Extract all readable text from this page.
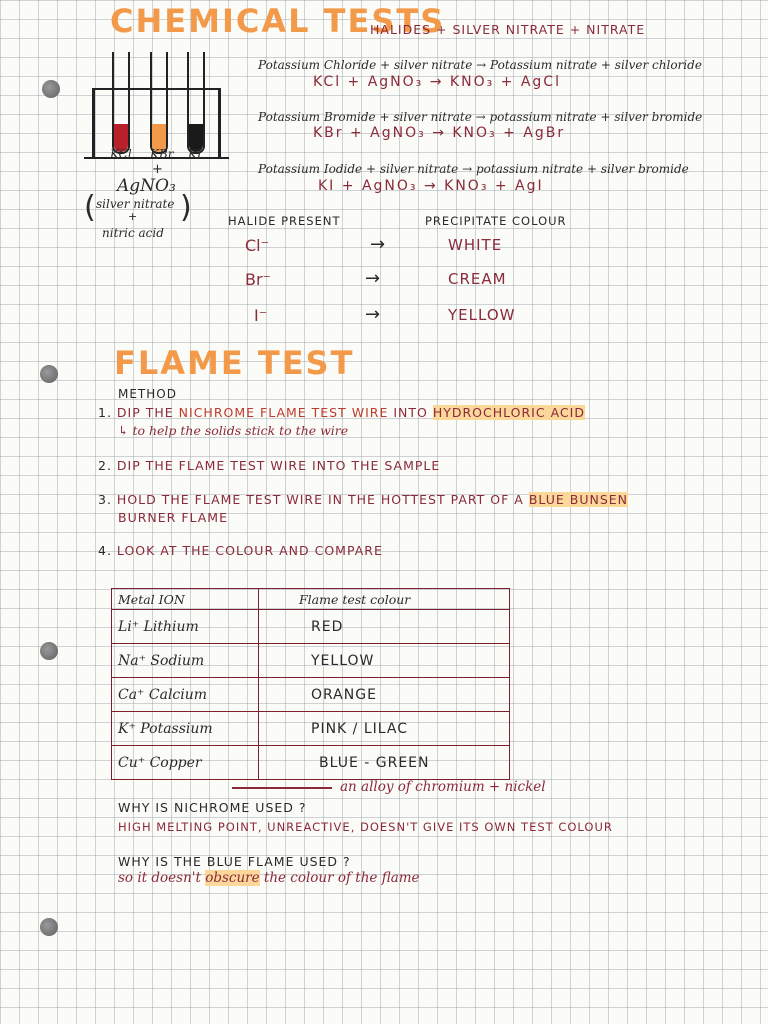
CHEMICAL TESTS
HALIDES + SILVER NITRATE + NITRATE
KCl KBr KI
+
AgNO₃
( silver nitrate
+ )
nitric acid
Potassium Chloride + silver nitrate → Potassium nitrate + silver chloride
KCl + AgNO₃ → KNO₃ + AgCl
Potassium Bromide + silver nitrate → potassium nitrate + silver bromide
KBr + AgNO₃ → KNO₃ + AgBr
Potassium Iodide + silver nitrate → potassium nitrate + silver bromide
KI + AgNO₃ → KNO₃ + AgI
HALIDE PRESENT	PRECIPITATE COLOUR
Cl⁻	→	WHITE
Br⁻	→	CREAM
I⁻	→	YELLOW
FLAME TEST
METHOD
1. DIP THE NICHROME FLAME TEST WIRE INTO HYDROCHLORIC ACID
↳ to help the solids stick to the wire
2. DIP THE FLAME TEST WIRE INTO THE SAMPLE
3. HOLD THE FLAME TEST WIRE IN THE HOTTEST PART OF A BLUE BUNSEN
BURNER FLAME
4. LOOK AT THE COLOUR AND COMPARE
Metal ION	Flame test colour
Li⁺ Lithium	RED
Na⁺ Sodium	YELLOW
Ca⁺ Calcium	ORANGE
K⁺ Potassium	PINK / LILAC
Cu⁺ Copper	BLUE - GREEN
an alloy of chromium + nickel
WHY IS NICHROME USED ?
HIGH MELTING POINT, UNREACTIVE, DOESN'T GIVE ITS OWN TEST COLOUR
WHY IS THE BLUE FLAME USED ?
so it doesn't obscure the colour of the flame
